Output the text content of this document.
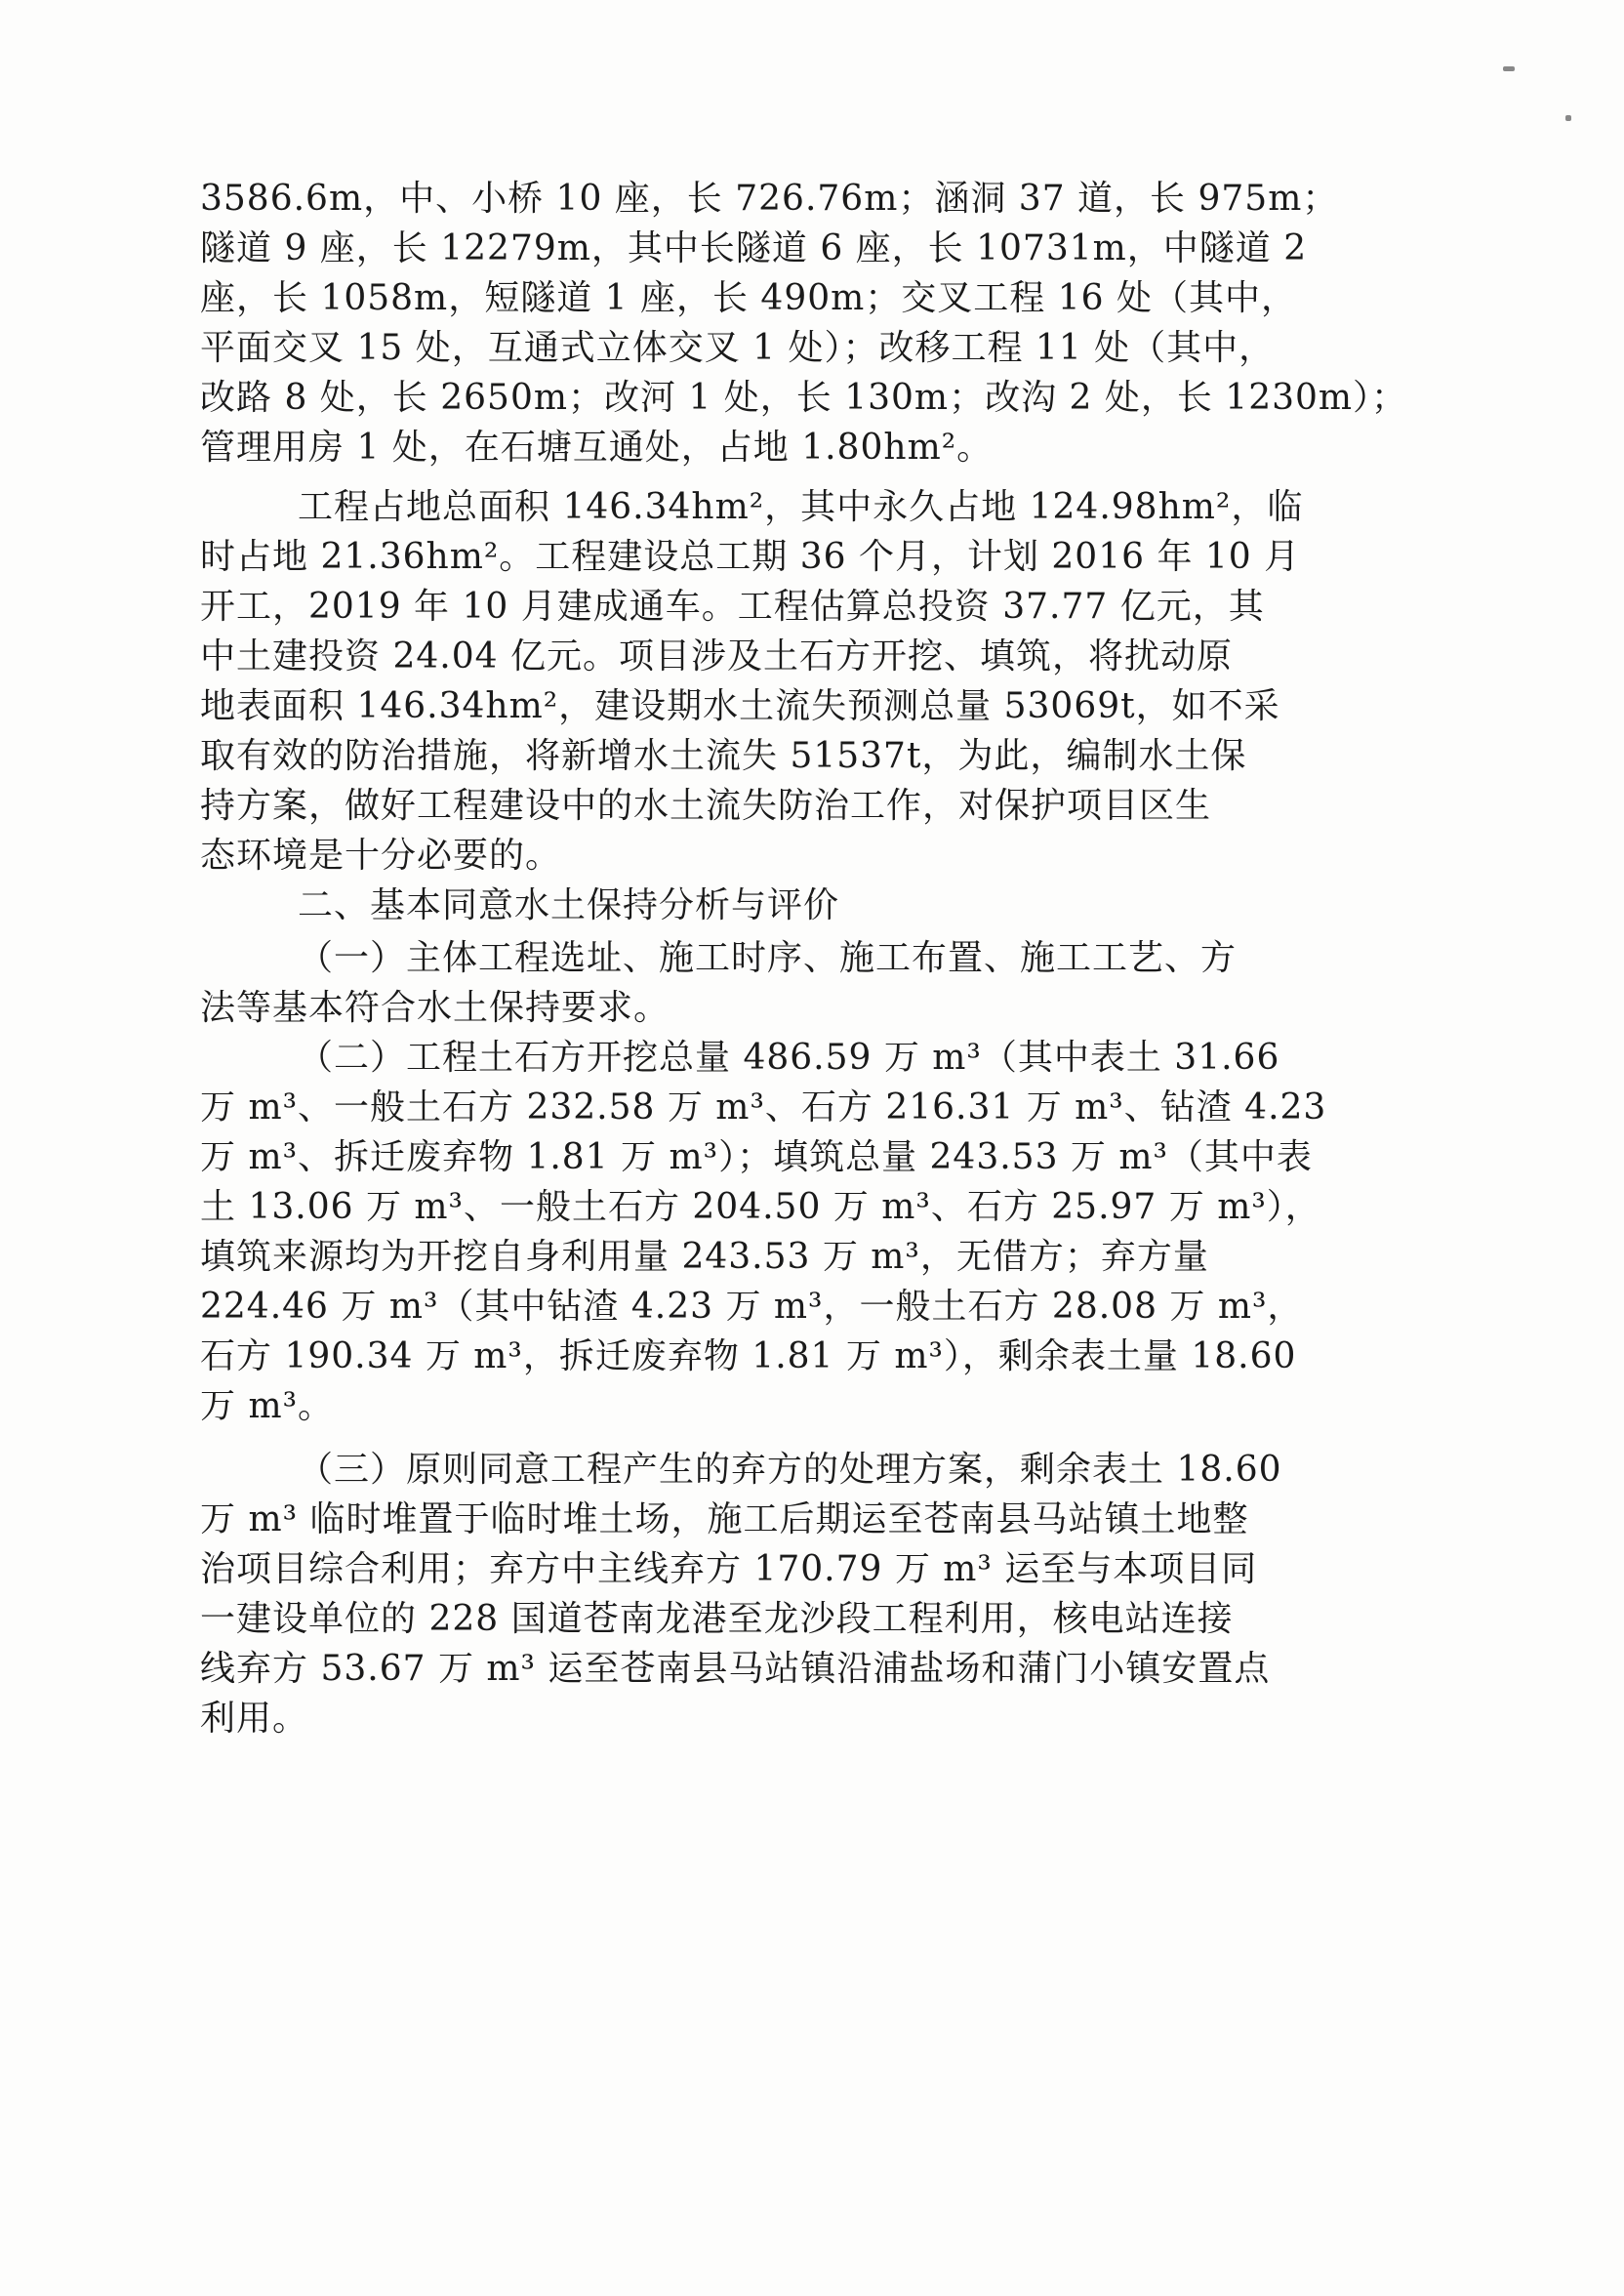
3586.6m，中、小桥 10 座，长 726.76m；涵洞 37 道，长 975m；
隧道 9 座，长 12279m，其中长隧道 6 座，长 10731m，中隧道 2
座，长 1058m，短隧道 1 座，长 490m；交叉工程 16 处（其中，
平面交叉 15 处，互通式立体交叉 1 处）；改移工程 11 处（其中，
改路 8 处，长 2650m；改河 1 处，长 130m；改沟 2 处，长 1230m）；
管理用房 1 处，在石塘互通处，占地 1.80hm²。
工程占地总面积 146.34hm²，其中永久占地 124.98hm²，临
时占地 21.36hm²。工程建设总工期 36 个月，计划 2016 年 10 月
开工，2019 年 10 月建成通车。工程估算总投资 37.77 亿元，其
中土建投资 24.04 亿元。项目涉及土石方开挖、填筑，将扰动原
地表面积 146.34hm²，建设期水土流失预测总量 53069t，如不采
取有效的防治措施，将新增水土流失 51537t，为此，编制水土保
持方案，做好工程建设中的水土流失防治工作，对保护项目区生
态环境是十分必要的。
二、基本同意水土保持分析与评价
（一）主体工程选址、施工时序、施工布置、施工工艺、方
法等基本符合水土保持要求。
（二）工程土石方开挖总量 486.59 万 m³（其中表土 31.66
万 m³、一般土石方 232.58 万 m³、石方 216.31 万 m³、钻渣 4.23
万 m³、拆迁废弃物 1.81 万 m³）；填筑总量 243.53 万 m³（其中表
土 13.06 万 m³、一般土石方 204.50 万 m³、石方 25.97 万 m³），
填筑来源均为开挖自身利用量 243.53 万 m³，无借方；弃方量
224.46 万 m³（其中钻渣 4.23 万 m³，一般土石方 28.08 万 m³，
石方 190.34 万 m³，拆迁废弃物 1.81 万 m³），剩余表土量 18.60
万 m³。
（三）原则同意工程产生的弃方的处理方案，剩余表土 18.60
万 m³ 临时堆置于临时堆土场，施工后期运至苍南县马站镇土地整
治项目综合利用；弃方中主线弃方 170.79 万 m³ 运至与本项目同
一建设单位的 228 国道苍南龙港至龙沙段工程利用，核电站连接
线弃方 53.67 万 m³ 运至苍南县马站镇沿浦盐场和蒲门小镇安置点
利用。
